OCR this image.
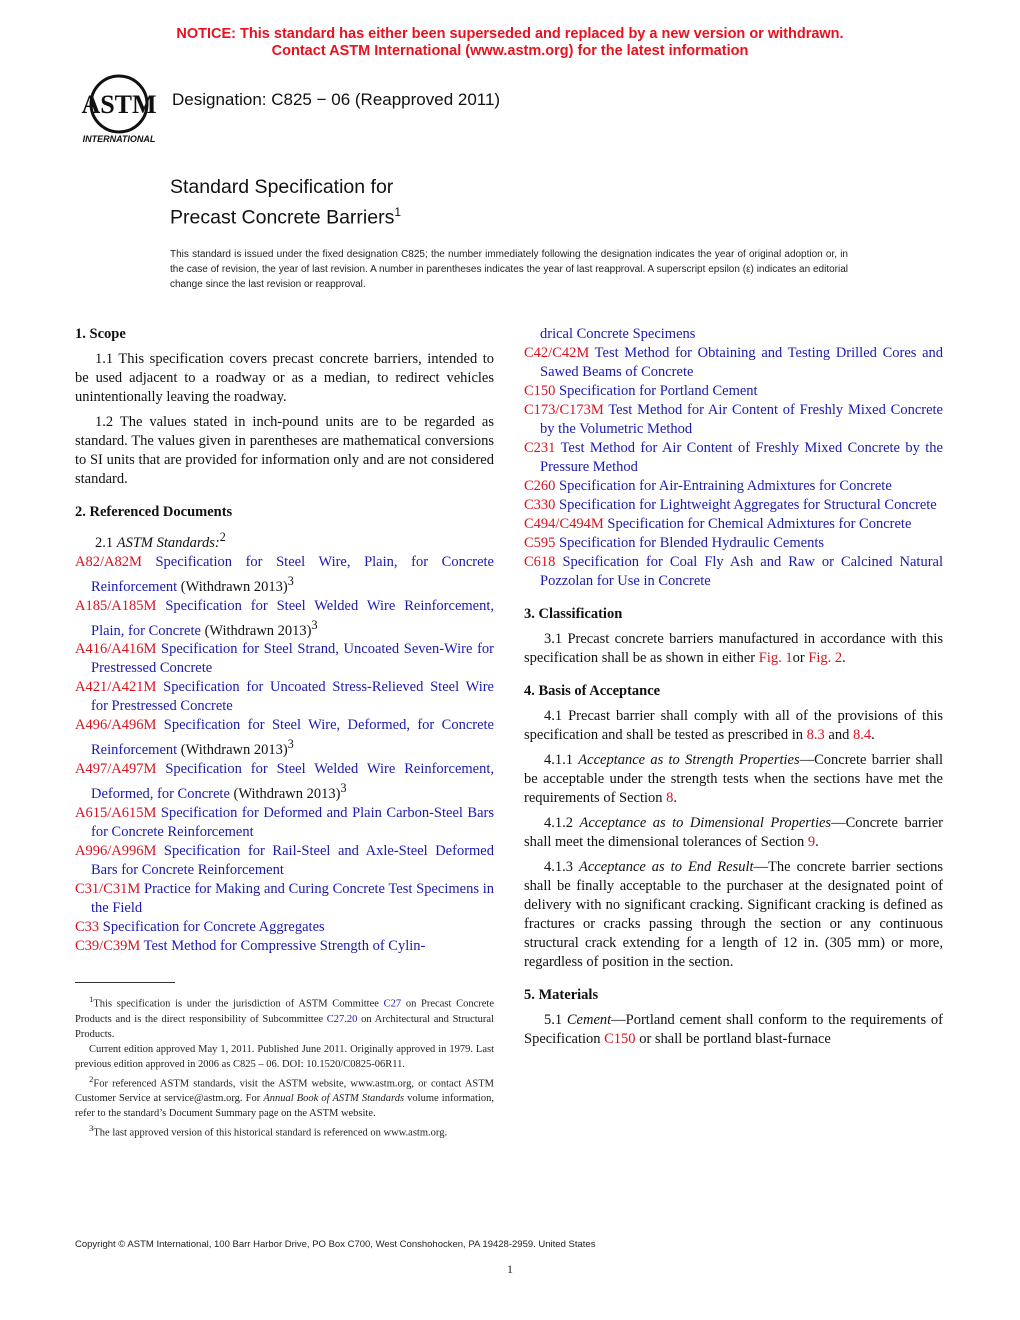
NOTICE: This standard has either been superseded and replaced by a new version or withdrawn.
Contact ASTM International (www.astm.org) for the latest information
ASTM
INTERNATIONAL
Designation: C825 − 06 (Reapproved 2011)
Standard Specification for
Precast Concrete Barriers$^1$
This standard is issued under the fixed designation C825; the number immediately following the designation indicates the year of original adoption or, in the case of revision, the year of last revision. A number in parentheses indicates the year of last reapproval. A superscript epsilon (ε) indicates an editorial change since the last revision or reapproval.
1. Scope

1.1 This specification covers precast concrete barriers, intended to be used adjacent to a roadway or as a median, to redirect vehicles unintentionally leaving the roadway.

1.2 The values stated in inch-pound units are to be regarded as standard. The values given in parentheses are mathematical conversions to SI units that are provided for information only and are not considered standard.

2. Referenced Documents

2.1 ASTM Standards:$^2$

A82/A82M Specification for Steel Wire, Plain, for Concrete Reinforcement (Withdrawn 2013)$^3$

A185/A185M Specification for Steel Welded Wire Reinforcement, Plain, for Concrete (Withdrawn 2013)$^3$

A416/A416M Specification for Steel Strand, Uncoated Seven-Wire for Prestressed Concrete

A421/A421M Specification for Uncoated Stress-Relieved Steel Wire for Prestressed Concrete

A496/A496M Specification for Steel Wire, Deformed, for Concrete Reinforcement (Withdrawn 2013)$^3$

A497/A497M Specification for Steel Welded Wire Reinforcement, Deformed, for Concrete (Withdrawn 2013)$^3$

A615/A615M Specification for Deformed and Plain Carbon-Steel Bars for Concrete Reinforcement

A996/A996M Specification for Rail-Steel and Axle-Steel Deformed Bars for Concrete Reinforcement

C31/C31M Practice for Making and Curing Concrete Test Specimens in the Field

C33 Specification for Concrete Aggregates

C39/C39M Test Method for Compressive Strength of Cylin-

$^1$This specification is under the jurisdiction of ASTM Committee C27 on Precast Concrete Products and is the direct responsibility of Subcommittee C27.20 on Architectural and Structural Products.

Current edition approved May 1, 2011. Published June 2011. Originally approved in 1979. Last previous edition approved in 2006 as C825 – 06. DOI: 10.1520/C0825-06R11.

$^2$For referenced ASTM standards, visit the ASTM website, www.astm.org, or contact ASTM Customer Service at service@astm.org. For Annual Book of ASTM Standards volume information, refer to the standard’s Document Summary page on the ASTM website.

$^3$The last approved version of this historical standard is referenced on www.astm.org.

drical Concrete Specimens

C42/C42M Test Method for Obtaining and Testing Drilled Cores and Sawed Beams of Concrete

C150 Specification for Portland Cement

C173/C173M Test Method for Air Content of Freshly Mixed Concrete by the Volumetric Method

C231 Test Method for Air Content of Freshly Mixed Concrete by the Pressure Method

C260 Specification for Air-Entraining Admixtures for Concrete

C330 Specification for Lightweight Aggregates for Structural Concrete

C494/C494M Specification for Chemical Admixtures for Concrete

C595 Specification for Blended Hydraulic Cements

C618 Specification for Coal Fly Ash and Raw or Calcined Natural Pozzolan for Use in Concrete

3. Classification

3.1 Precast concrete barriers manufactured in accordance with this specification shall be as shown in either Fig. 1or Fig. 2.

4. Basis of Acceptance

4.1 Precast barrier shall comply with all of the provisions of this specification and shall be tested as prescribed in 8.3 and 8.4.

4.1.1 Acceptance as to Strength Properties—Concrete barrier shall be acceptable under the strength tests when the sections have met the requirements of Section 8.

4.1.2 Acceptance as to Dimensional Properties—Concrete barrier shall meet the dimensional tolerances of Section 9.

4.1.3 Acceptance as to End Result—The concrete barrier sections shall be finally acceptable to the purchaser at the designated point of delivery with no significant cracking. Significant cracking is defined as fractures or cracks passing through the section or any continuous structural crack extending for a length of 12 in. (305 mm) or more, regardless of position in the section.

5. Materials

5.1 Cement—Portland cement shall conform to the requirements of Specification C150 or shall be portland blast-furnace

Copyright © ASTM International, 100 Barr Harbor Drive, PO Box C700, West Conshohocken, PA 19428-2959. United States
1
